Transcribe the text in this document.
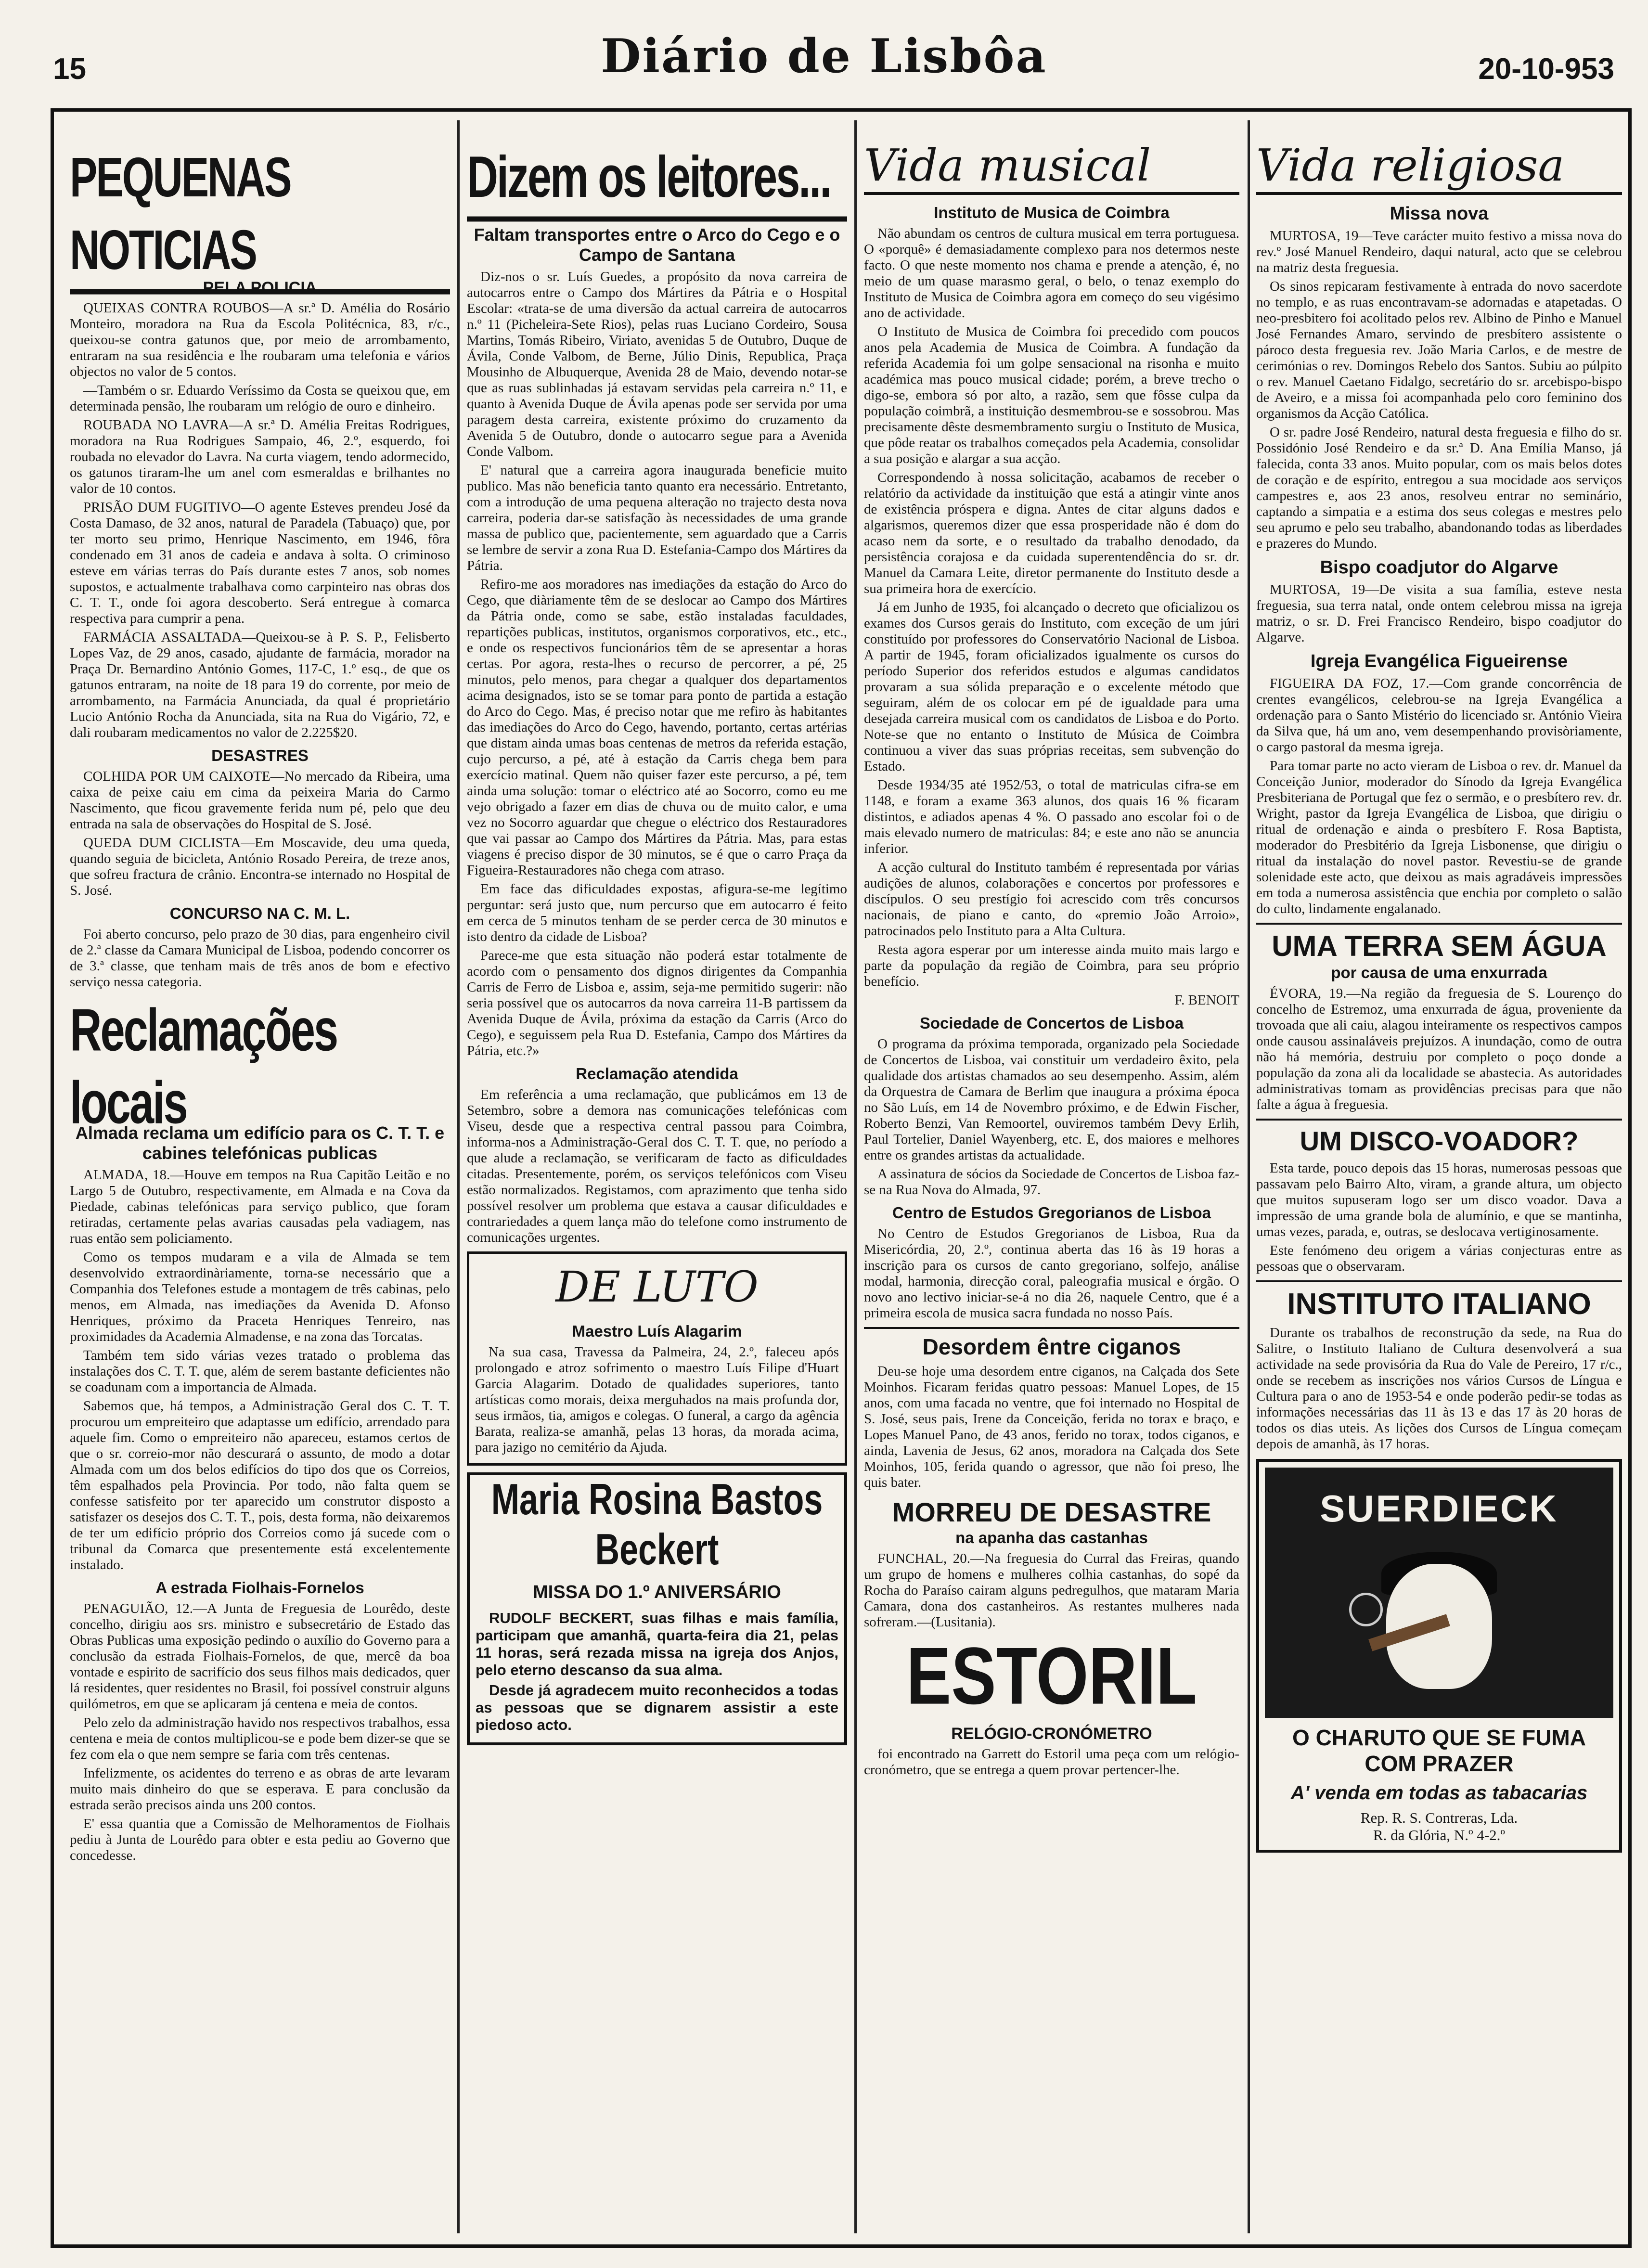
15	Diário de Lisbôa	20-10-953
PEQUENAS NOTICIAS
PELA POLICIA

QUEIXAS CONTRA ROUBOS—A sr.ª D. Amélia do Rosário Monteiro, moradora na Rua da Escola Politécnica, 83, r/c., queixou-se contra gatunos que, por meio de arrombamento, entraram na sua residência e lhe roubaram uma telefonia e vários objectos no valor de 5 contos.

—Também o sr. Eduardo Veríssimo da Costa se queixou que, em determinada pensão, lhe roubaram um relógio de ouro e dinheiro.

ROUBADA NO LAVRA—A sr.ª D. Amélia Freitas Rodrigues, moradora na Rua Rodrigues Sampaio, 46, 2.º, esquerdo, foi roubada no elevador do Lavra. Na curta viagem, tendo adormecido, os gatunos tiraram-lhe um anel com esmeraldas e brilhantes no valor de 10 contos.

PRISÃO DUM FUGITIVO—O agente Esteves prendeu José da Costa Damaso, de 32 anos, natural de Paradela (Tabuaço) que, por ter morto seu primo, Henrique Nascimento, em 1946, fôra condenado em 31 anos de cadeia e andava à solta. O criminoso esteve em várias terras do País durante estes 7 anos, sob nomes supostos, e actualmente trabalhava como carpinteiro nas obras dos C. T. T., onde foi agora descoberto. Será entregue à comarca respectiva para cumprir a pena.

FARMÁCIA ASSALTADA—Queixou-se à P. S. P., Felisberto Lopes Vaz, de 29 anos, casado, ajudante de farmácia, morador na Praça Dr. Bernardino António Gomes, 117-C, 1.º esq., de que os gatunos entraram, na noite de 18 para 19 do corrente, por meio de arrombamento, na Farmácia Anunciada, da qual é proprietário Lucio António Rocha da Anunciada, sita na Rua do Vigário, 72, e dali roubaram medicamentos no valor de 2.225$20.

DESASTRES

COLHIDA POR UM CAIXOTE—No mercado da Ribeira, uma caixa de peixe caiu em cima da peixeira Maria do Carmo Nascimento, que ficou gravemente ferida num pé, pelo que deu entrada na sala de observações do Hospital de S. José.

QUEDA DUM CICLISTA—Em Moscavide, deu uma queda, quando seguia de bicicleta, António Rosado Pereira, de treze anos, que sofreu fractura de crânio. Encontra-se internado no Hospital de S. José.

CONCURSO NA C. M. L.

Foi aberto concurso, pelo prazo de 30 dias, para engenheiro civil de 2.ª classe da Camara Municipal de Lisboa, podendo concorrer os de 3.ª classe, que tenham mais de três anos de bom e efectivo serviço nessa categoria.

Reclamações locais
Almada reclama um edifício para os C. T. T. e cabines telefónicas publicas

ALMADA, 18.—Houve em tempos na Rua Capitão Leitão e no Largo 5 de Outubro, respectivamente, em Almada e na Cova da Piedade, cabinas telefónicas para serviço publico, que foram retiradas, certamente pelas avarias causadas pela vadiagem, nas ruas então sem policiamento.

Como os tempos mudaram e a vila de Almada se tem desenvolvido extraordinàriamente, torna-se necessário que a Companhia dos Telefones estude a montagem de três cabinas, pelo menos, em Almada, nas imediações da Avenida D. Afonso Henriques, próximo da Praceta Henriques Tenreiro, nas proximidades da Academia Almadense, e na zona das Torcatas.

Também tem sido várias vezes tratado o problema das instalações dos C. T. T. que, além de serem bastante deficientes não se coadunam com a importancia de Almada.

Sabemos que, há tempos, a Administração Geral dos C. T. T. procurou um empreiteiro que adaptasse um edifício, arrendado para aquele fim. Como o empreiteiro não apareceu, estamos certos de que o sr. correio-mor não descurará o assunto, de modo a dotar Almada com um dos belos edifícios do tipo dos que os Correios, têm espalhados pela Provincia. Por todo, não falta quem se confesse satisfeito por ter aparecido um construtor disposto a satisfazer os desejos dos C. T. T., pois, desta forma, não deixaremos de ter um edifício próprio dos Correios como já sucede com o tribunal da Comarca que presentemente está excelentemente instalado.

A estrada Fiolhais-Fornelos

PENAGUIÃO, 12.—A Junta de Freguesia de Lourêdo, deste concelho, dirigiu aos srs. ministro e subsecretário de Estado das Obras Publicas uma exposição pedindo o auxílio do Governo para a conclusão da estrada Fiolhais-Fornelos, de que, mercê da boa vontade e espirito de sacrifício dos seus filhos mais dedicados, quer lá residentes, quer residentes no Brasil, foi possível construir alguns quilómetros, em que se aplicaram já centena e meia de contos.

Pelo zelo da administração havido nos respectivos trabalhos, essa centena e meia de contos multiplicou-se e pode bem dizer-se que se fez com ela o que nem sempre se faria com três centenas.

Infelizmente, os acidentes do terreno e as obras de arte levaram muito mais dinheiro do que se esperava. E para conclusão da estrada serão precisos ainda uns 200 contos.

E' essa quantia que a Comissão de Melhoramentos de Fiolhais pediu à Junta de Lourêdo para obter e esta pediu ao Governo que concedesse.

Dizem os leitores...
Faltam transportes entre o Arco do Cego e o Campo de Santana

Diz-nos o sr. Luís Guedes, a propósito da nova carreira de autocarros entre o Campo dos Mártires da Pátria e o Hospital Escolar: «trata-se de uma diversão da actual carreira de autocarros n.º 11 (Picheleira-Sete Rios), pelas ruas Luciano Cordeiro, Sousa Martins, Tomás Ribeiro, Viriato, avenidas 5 de Outubro, Duque de Ávila, Conde Valbom, de Berne, Júlio Dinis, Republica, Praça Mousinho de Albuquerque, Avenida 28 de Maio, devendo notar-se que as ruas sublinhadas já estavam servidas pela carreira n.º 11, e quanto à Avenida Duque de Ávila apenas pode ser servida por uma paragem desta carreira, existente próximo do cruzamento da Avenida 5 de Outubro, donde o autocarro segue para a Avenida Conde Valbom.

E' natural que a carreira agora inaugurada beneficie muito publico. Mas não beneficia tanto quanto era necessário. Entretanto, com a introdução de uma pequena alteração no trajecto desta nova carreira, poderia dar-se satisfação às necessidades de uma grande massa de publico que, pacientemente, sem aguardado que a Carris se lembre de servir a zona Rua D. Estefania-Campo dos Mártires da Pátria.

Refiro-me aos moradores nas imediações da estação do Arco do Cego, que diàriamente têm de se deslocar ao Campo dos Mártires da Pátria onde, como se sabe, estão instaladas faculdades, repartições publicas, institutos, organismos corporativos, etc., etc., e onde os respectivos funcionários têm de se apresentar a horas certas. Por agora, resta-lhes o recurso de percorrer, a pé, 25 minutos, pelo menos, para chegar a qualquer dos departamentos acima designados, isto se se tomar para ponto de partida a estação do Arco do Cego. Mas, é preciso notar que me refiro às habitantes das imediações do Arco do Cego, havendo, portanto, certas artérias que distam ainda umas boas centenas de metros da referida estação, cujo percurso, a pé, até à estação da Carris chega bem para exercício matinal. Quem não quiser fazer este percurso, a pé, tem ainda uma solução: tomar o eléctrico até ao Socorro, como eu me vejo obrigado a fazer em dias de chuva ou de muito calor, e uma vez no Socorro aguardar que chegue o eléctrico dos Restauradores que vai passar ao Campo dos Mártires da Pátria. Mas, para estas viagens é preciso dispor de 30 minutos, se é que o carro Praça da Figueira-Restauradores não chega com atraso.

Em face das dificuldades expostas, afigura-se-me legítimo perguntar: será justo que, num percurso que em autocarro é feito em cerca de 5 minutos tenham de se perder cerca de 30 minutos e isto dentro da cidade de Lisboa?

Parece-me que esta situação não poderá estar totalmente de acordo com o pensamento dos dignos dirigentes da Companhia Carris de Ferro de Lisboa e, assim, seja-me permitido sugerir: não seria possível que os autocarros da nova carreira 11-B partissem da Avenida Duque de Ávila, próxima da estação da Carris (Arco do Cego), e seguissem pela Rua D. Estefania, Campo dos Mártires da Pátria, etc.?»

Reclamação atendida

Em referência a uma reclamação, que publicámos em 13 de Setembro, sobre a demora nas comunicações telefónicas com Viseu, desde que a respectiva central passou para Coimbra, informa-nos a Administração-Geral dos C. T. T. que, no período a que alude a reclamação, se verificaram de facto as dificuldades citadas. Presentemente, porém, os serviços telefónicos com Viseu estão normalizados. Registamos, com aprazimento que tenha sido possível resolver um problema que estava a causar dificuldades e contrariedades a quem lança mão do telefone como instrumento de comunicações urgentes.

DE LUTO
Maestro Luís Alagarim

Na sua casa, Travessa da Palmeira, 24, 2.º, faleceu após prolongado e atroz sofrimento o maestro Luís Filipe d'Huart Garcia Alagarim. Dotado de qualidades superiores, tanto artísticas como morais, deixa merguhados na mais profunda dor, seus irmãos, tia, amigos e colegas. O funeral, a cargo da agência Barata, realiza-se amanhã, pelas 13 horas, da morada acima, para jazigo no cemitério da Ajuda.

Maria Rosina Bastos Beckert
MISSA DO 1.º ANIVERSÁRIO

RUDOLF BECKERT, suas filhas e mais família, participam que amanhã, quarta-feira dia 21, pelas 11 horas, será rezada missa na igreja dos Anjos, pelo eterno descanso da sua alma.

Desde já agradecem muito reconhecidos a todas as pessoas que se dignarem assistir a este piedoso acto.

Vida musical
Instituto de Musica de Coimbra

Não abundam os centros de cultura musical em terra portuguesa. O «porquê» é demasiadamente complexo para nos determos neste facto. O que neste momento nos chama e prende a atenção, é, no meio de um quase marasmo geral, o belo, o tenaz exemplo do Instituto de Musica de Coimbra agora em começo do seu vigésimo ano de actividade.

O Instituto de Musica de Coimbra foi precedido com poucos anos pela Academia de Musica de Coimbra. A fundação da referida Academia foi um golpe sensacional na risonha e muito académica mas pouco musical cidade; porém, a breve trecho o digo-se, embora só por alto, a razão, sem que fôsse culpa da população coimbrã, a instituição desmembrou-se e sossobrou. Mas precisamente dêste desmembramento surgiu o Instituto de Musica, que pôde reatar os trabalhos começados pela Academia, consolidar a sua posição e alargar a sua acção.

Correspondendo à nossa solicitação, acabamos de receber o relatório da actividade da instituição que está a atingir vinte anos de existência próspera e digna. Antes de citar alguns dados e algarismos, queremos dizer que essa prosperidade não é dom do acaso nem da sorte, e o resultado da trabalho denodado, da persistência corajosa e da cuidada superentendência do sr. dr. Manuel da Camara Leite, diretor permanente do Instituto desde a sua primeira hora de exercício.

Já em Junho de 1935, foi alcançado o decreto que oficializou os exames dos Cursos gerais do Instituto, com exceção de um júri constituído por professores do Conservatório Nacional de Lisboa. A partir de 1945, foram oficializados igualmente os cursos do período Superior dos referidos estudos e algumas candidatos provaram a sua sólida preparação e o excelente método que seguiram, além de os colocar em pé de igualdade para uma desejada carreira musical com os candidatos de Lisboa e do Porto. Note-se que no entanto o Instituto de Música de Coimbra continuou a viver das suas próprias receitas, sem subvenção do Estado.

Desde 1934/35 até 1952/53, o total de matriculas cifra-se em 1148, e foram a exame 363 alunos, dos quais 16 % ficaram distintos, e adiados apenas 4 %. O passado ano escolar foi o de mais elevado numero de matriculas: 84; e este ano não se anuncia inferior.

A acção cultural do Instituto também é representada por várias audições de alunos, colaborações e concertos por professores e discípulos. O seu prestígio foi acrescido com três concursos nacionais, de piano e canto, do «premio João Arroio», patrocinados pelo Instituto para a Alta Cultura.

Resta agora esperar por um interesse ainda muito mais largo e parte da população da região de Coimbra, para seu próprio benefício.

F. BENOIT
Sociedade de Concertos de Lisboa

O programa da próxima temporada, organizado pela Sociedade de Concertos de Lisboa, vai constituir um verdadeiro êxito, pela qualidade dos artistas chamados ao seu desempenho. Assim, além da Orquestra de Camara de Berlim que inaugura a próxima época no São Luís, em 14 de Novembro próximo, e de Edwin Fischer, Roberto Benzi, Van Remoortel, ouviremos também Devy Erlih, Paul Tortelier, Daniel Wayenberg, etc. E, dos maiores e melhores entre os grandes artistas da actualidade.

A assinatura de sócios da Sociedade de Concertos de Lisboa faz-se na Rua Nova do Almada, 97.

Centro de Estudos Gregorianos de Lisboa

No Centro de Estudos Gregorianos de Lisboa, Rua da Misericórdia, 20, 2.º, continua aberta das 16 às 19 horas a inscrição para os cursos de canto gregoriano, solfejo, análise modal, harmonia, direcção coral, paleografia musical e órgão. O novo ano lectivo iniciar-se-á no dia 26, naquele Centro, que é a primeira escola de musica sacra fundada no nosso País.

Desordem êntre ciganos

Deu-se hoje uma desordem entre ciganos, na Calçada dos Sete Moinhos. Ficaram feridas quatro pessoas: Manuel Lopes, de 15 anos, com uma facada no ventre, que foi internado no Hospital de S. José, seus pais, Irene da Conceição, ferida no torax e braço, e Lopes Manuel Pano, de 43 anos, ferido no torax, todos ciganos, e ainda, Lavenia de Jesus, 62 anos, moradora na Calçada dos Sete Moinhos, 105, ferida quando o agressor, que não foi preso, lhe quis bater.

MORREU DE DESASTRE
na apanha das castanhas

FUNCHAL, 20.—Na freguesia do Curral das Freiras, quando um grupo de homens e mulheres colhia castanhas, do sopé da Rocha do Paraíso cairam alguns pedregulhos, que mataram Maria Camara, dona dos castanheiros. As restantes mulheres nada sofreram.—(Lusitania).

ESTORIL
RELÓGIO-CRONÓMETRO

foi encontrado na Garrett do Estoril uma peça com um relógio-cronómetro, que se entrega a quem provar pertencer-lhe.

Vida religiosa
Missa nova

MURTOSA, 19—Teve carácter muito festivo a missa nova do rev.º José Manuel Rendeiro, daqui natural, acto que se celebrou na matriz desta freguesia.

Os sinos repicaram festivamente à entrada do novo sacerdote no templo, e as ruas encontravam-se adornadas e atapetadas. O neo-presbitero foi acolitado pelos rev. Albino de Pinho e Manuel José Fernandes Amaro, servindo de presbítero assistente o pároco desta freguesia rev. João Maria Carlos, e de mestre de cerimónias o rev. Domingos Rebelo dos Santos. Subiu ao púlpito o rev. Manuel Caetano Fidalgo, secretário do sr. arcebispo-bispo de Aveiro, e a missa foi acompanhada pelo coro feminino dos organismos da Acção Católica.

O sr. padre José Rendeiro, natural desta freguesia e filho do sr. Possidónio José Rendeiro e da sr.ª D. Ana Emília Manso, já falecida, conta 33 anos. Muito popular, com os mais belos dotes de coração e de espírito, entregou a sua mocidade aos serviços campestres e, aos 23 anos, resolveu entrar no seminário, captando a simpatia e a estima dos seus colegas e mestres pelo seu aprumo e pelo seu trabalho, abandonando todas as liberdades e prazeres do Mundo.

Bispo coadjutor do Algarve

MURTOSA, 19—De visita a sua família, esteve nesta freguesia, sua terra natal, onde ontem celebrou missa na igreja matriz, o sr. D. Frei Francisco Rendeiro, bispo coadjutor do Algarve.

Igreja Evangélica Figueirense

FIGUEIRA DA FOZ, 17.—Com grande concorrência de crentes evangélicos, celebrou-se na Igreja Evangélica a ordenação para o Santo Mistério do licenciado sr. António Vieira da Silva que, há um ano, vem desempenhando provisòriamente, o cargo pastoral da mesma igreja.

Para tomar parte no acto vieram de Lisboa o rev. dr. Manuel da Conceição Junior, moderador do Sínodo da Igreja Evangélica Presbiteriana de Portugal que fez o sermão, e o presbítero rev. dr. Wright, pastor da Igreja Evangélica de Lisboa, que dirigiu o ritual de ordenação e ainda o presbítero F. Rosa Baptista, moderador do Presbitério da Igreja Lisbonense, que dirigiu o ritual da instalação do novel pastor. Revestiu-se de grande solenidade este acto, que deixou as mais agradáveis impressões em toda a numerosa assistência que enchia por completo o salão do culto, lindamente engalanado.

UMA TERRA SEM ÁGUA
por causa de uma enxurrada

ÉVORA, 19.—Na região da freguesia de S. Lourenço do concelho de Estremoz, uma enxurrada de água, proveniente da trovoada que ali caiu, alagou inteiramente os respectivos campos onde causou assinaláveis prejuízos. A inundação, como de outra não há memória, destruiu por completo o poço donde a população da zona ali da localidade se abastecia. As autoridades administrativas tomam as providências precisas para que não falte a água à freguesia.

UM DISCO-VOADOR?

Esta tarde, pouco depois das 15 horas, numerosas pessoas que passavam pelo Bairro Alto, viram, a grande altura, um objecto que muitos supuseram logo ser um disco voador. Dava a impressão de uma grande bola de alumínio, e que se mantinha, umas vezes, parada, e, outras, se deslocava vertiginosamente.

Este fenómeno deu origem a várias conjecturas entre as pessoas que o observaram.

INSTITUTO ITALIANO

Durante os trabalhos de reconstrução da sede, na Rua do Salitre, o Instituto Italiano de Cultura desenvolverá a sua actividade na sede provisória da Rua do Vale de Pereiro, 17 r/c., onde se recebem as inscrições nos vários Cursos de Língua e Cultura para o ano de 1953-54 e onde poderão pedir-se todas as informações necessárias das 11 às 13 e das 17 às 20 horas de todos os dias uteis. As lições dos Cursos de Língua começam depois de amanhã, às 17 horas.

SUERDIECK
O CHARUTO QUE SE FUMA COM PRAZER
A' venda em todas as tabacarias
Rep. R. S. Contreras, Lda.
R. da Glória, N.º 4-2.º
